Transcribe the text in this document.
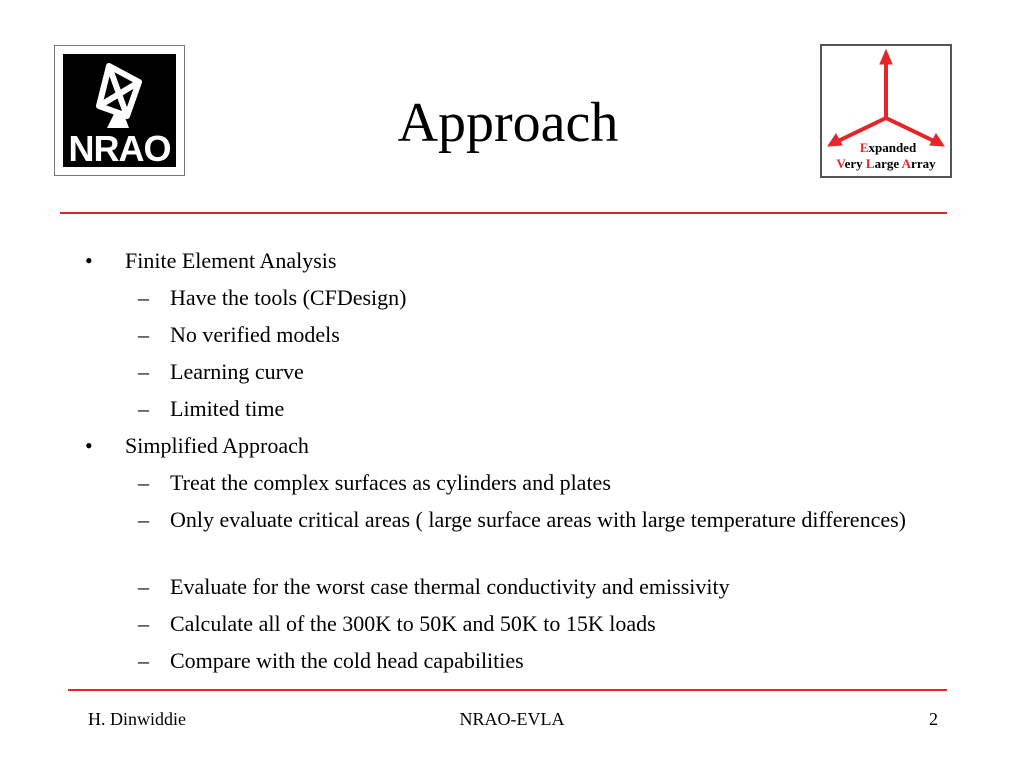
NRAO	Expanded
Very Large Array
Approach
• Finite Element Analysis
– Have the tools (CFDesign)
– No verified models
– Learning curve
– Limited time
• Simplified Approach
– Treat the complex surfaces as cylinders and plates
– Only evaluate critical areas ( large surface areas with large temperature differences)
– Evaluate for the worst case thermal conductivity and emissivity
– Calculate all of the 300K to 50K and 50K to 15K loads
– Compare with the cold head capabilities
H. Dinwiddie	NRAO-EVLA	2
